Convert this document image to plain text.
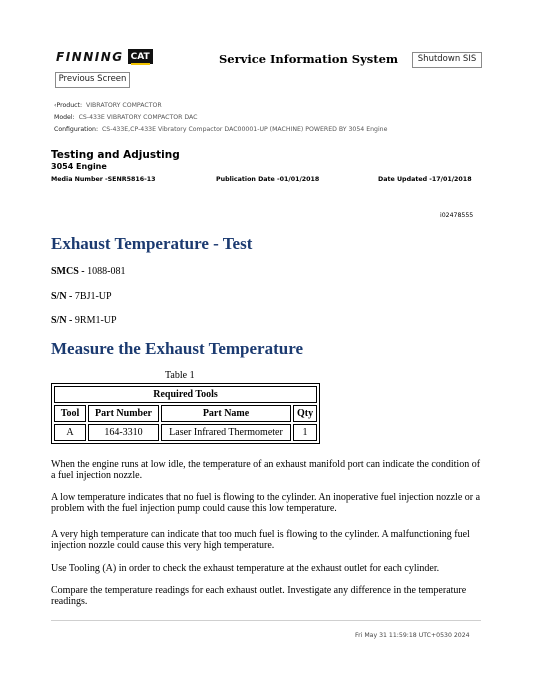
FINNING CAT	Service Information System	Shutdown SIS
Previous Screen
‹Product: VIBRATORY COMPACTOR
Model: CS-433E VIBRATORY COMPACTOR DAC
Configuration: CS-433E,CP-433E Vibratory Compactor DAC00001-UP (MACHINE) POWERED BY 3054 Engine
Testing and Adjusting
3054 Engine
Media Number -SENR5816-13	Publication Date -01/01/2018	Date Updated -17/01/2018
i02478555
Exhaust Temperature - Test
SMCS - 1088-081
S/N - 7BJ1-UP
S/N - 9RM1-UP
Measure the Exhaust Temperature
Table 1
Required Tools			
Tool	Part Number	Part Name	Qty
A	164-3310	Laser Infrared Thermometer	1

When the engine runs at low idle, the temperature of an exhaust manifold port can indicate the condition of a fuel injection nozzle.

A low temperature indicates that no fuel is flowing to the cylinder. An inoperative fuel injection nozzle or a problem with the fuel injection pump could cause this low temperature.

A very high temperature can indicate that too much fuel is flowing to the cylinder. A malfunctioning fuel injection nozzle could cause this very high temperature.

Use Tooling (A) in order to check the exhaust temperature at the exhaust outlet for each cylinder.

Compare the temperature readings for each exhaust outlet. Investigate any difference in the temperature readings.

Fri May 31 11:59:18 UTC+0530 2024
